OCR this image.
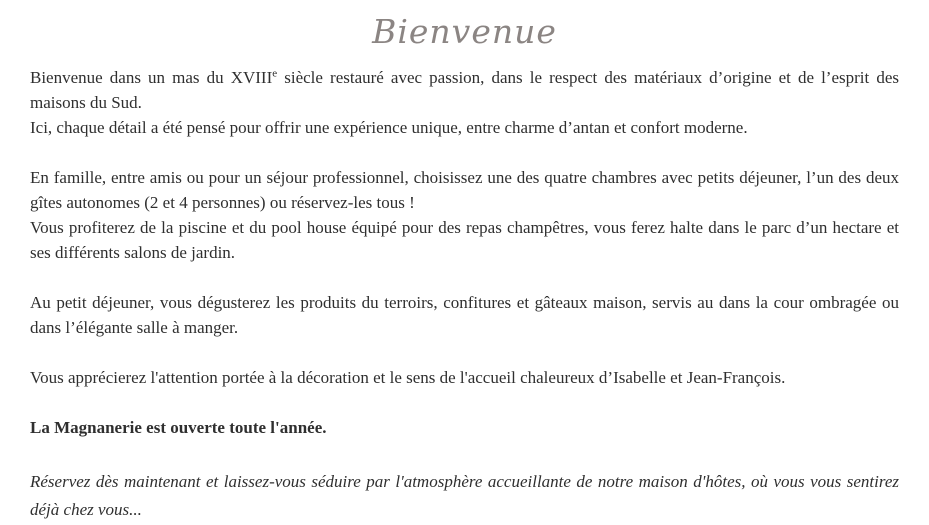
Bienvenue

Bienvenue dans un mas du XVIIIe siècle restauré avec passion, dans le respect des matériaux d’origine et de l’esprit des maisons du Sud.
Ici, chaque détail a été pensé pour offrir une expérience unique, entre charme d’antan et confort moderne.

En famille, entre amis ou pour un séjour professionnel, choisissez une des quatre chambres avec petits déjeuner, l’un des deux gîtes autonomes (2 et 4 personnes) ou réservez-les tous !
Vous profiterez de la piscine et du pool house équipé pour des repas champêtres, vous ferez halte dans le parc d’un hectare et ses différents salons de jardin.

Au petit déjeuner, vous dégusterez les produits du terroirs, confitures et gâteaux maison, servis au dans la cour ombragée ou dans l’élégante salle à manger.

Vous apprécierez l'attention portée à la décoration et le sens de l'accueil chaleureux d’Isabelle et Jean-François.

La Magnanerie est ouverte toute l'année.

Réservez dès maintenant et laissez-vous séduire par l'atmosphère accueillante de notre maison d'hôtes, où vous vous sentirez déjà chez vous...
